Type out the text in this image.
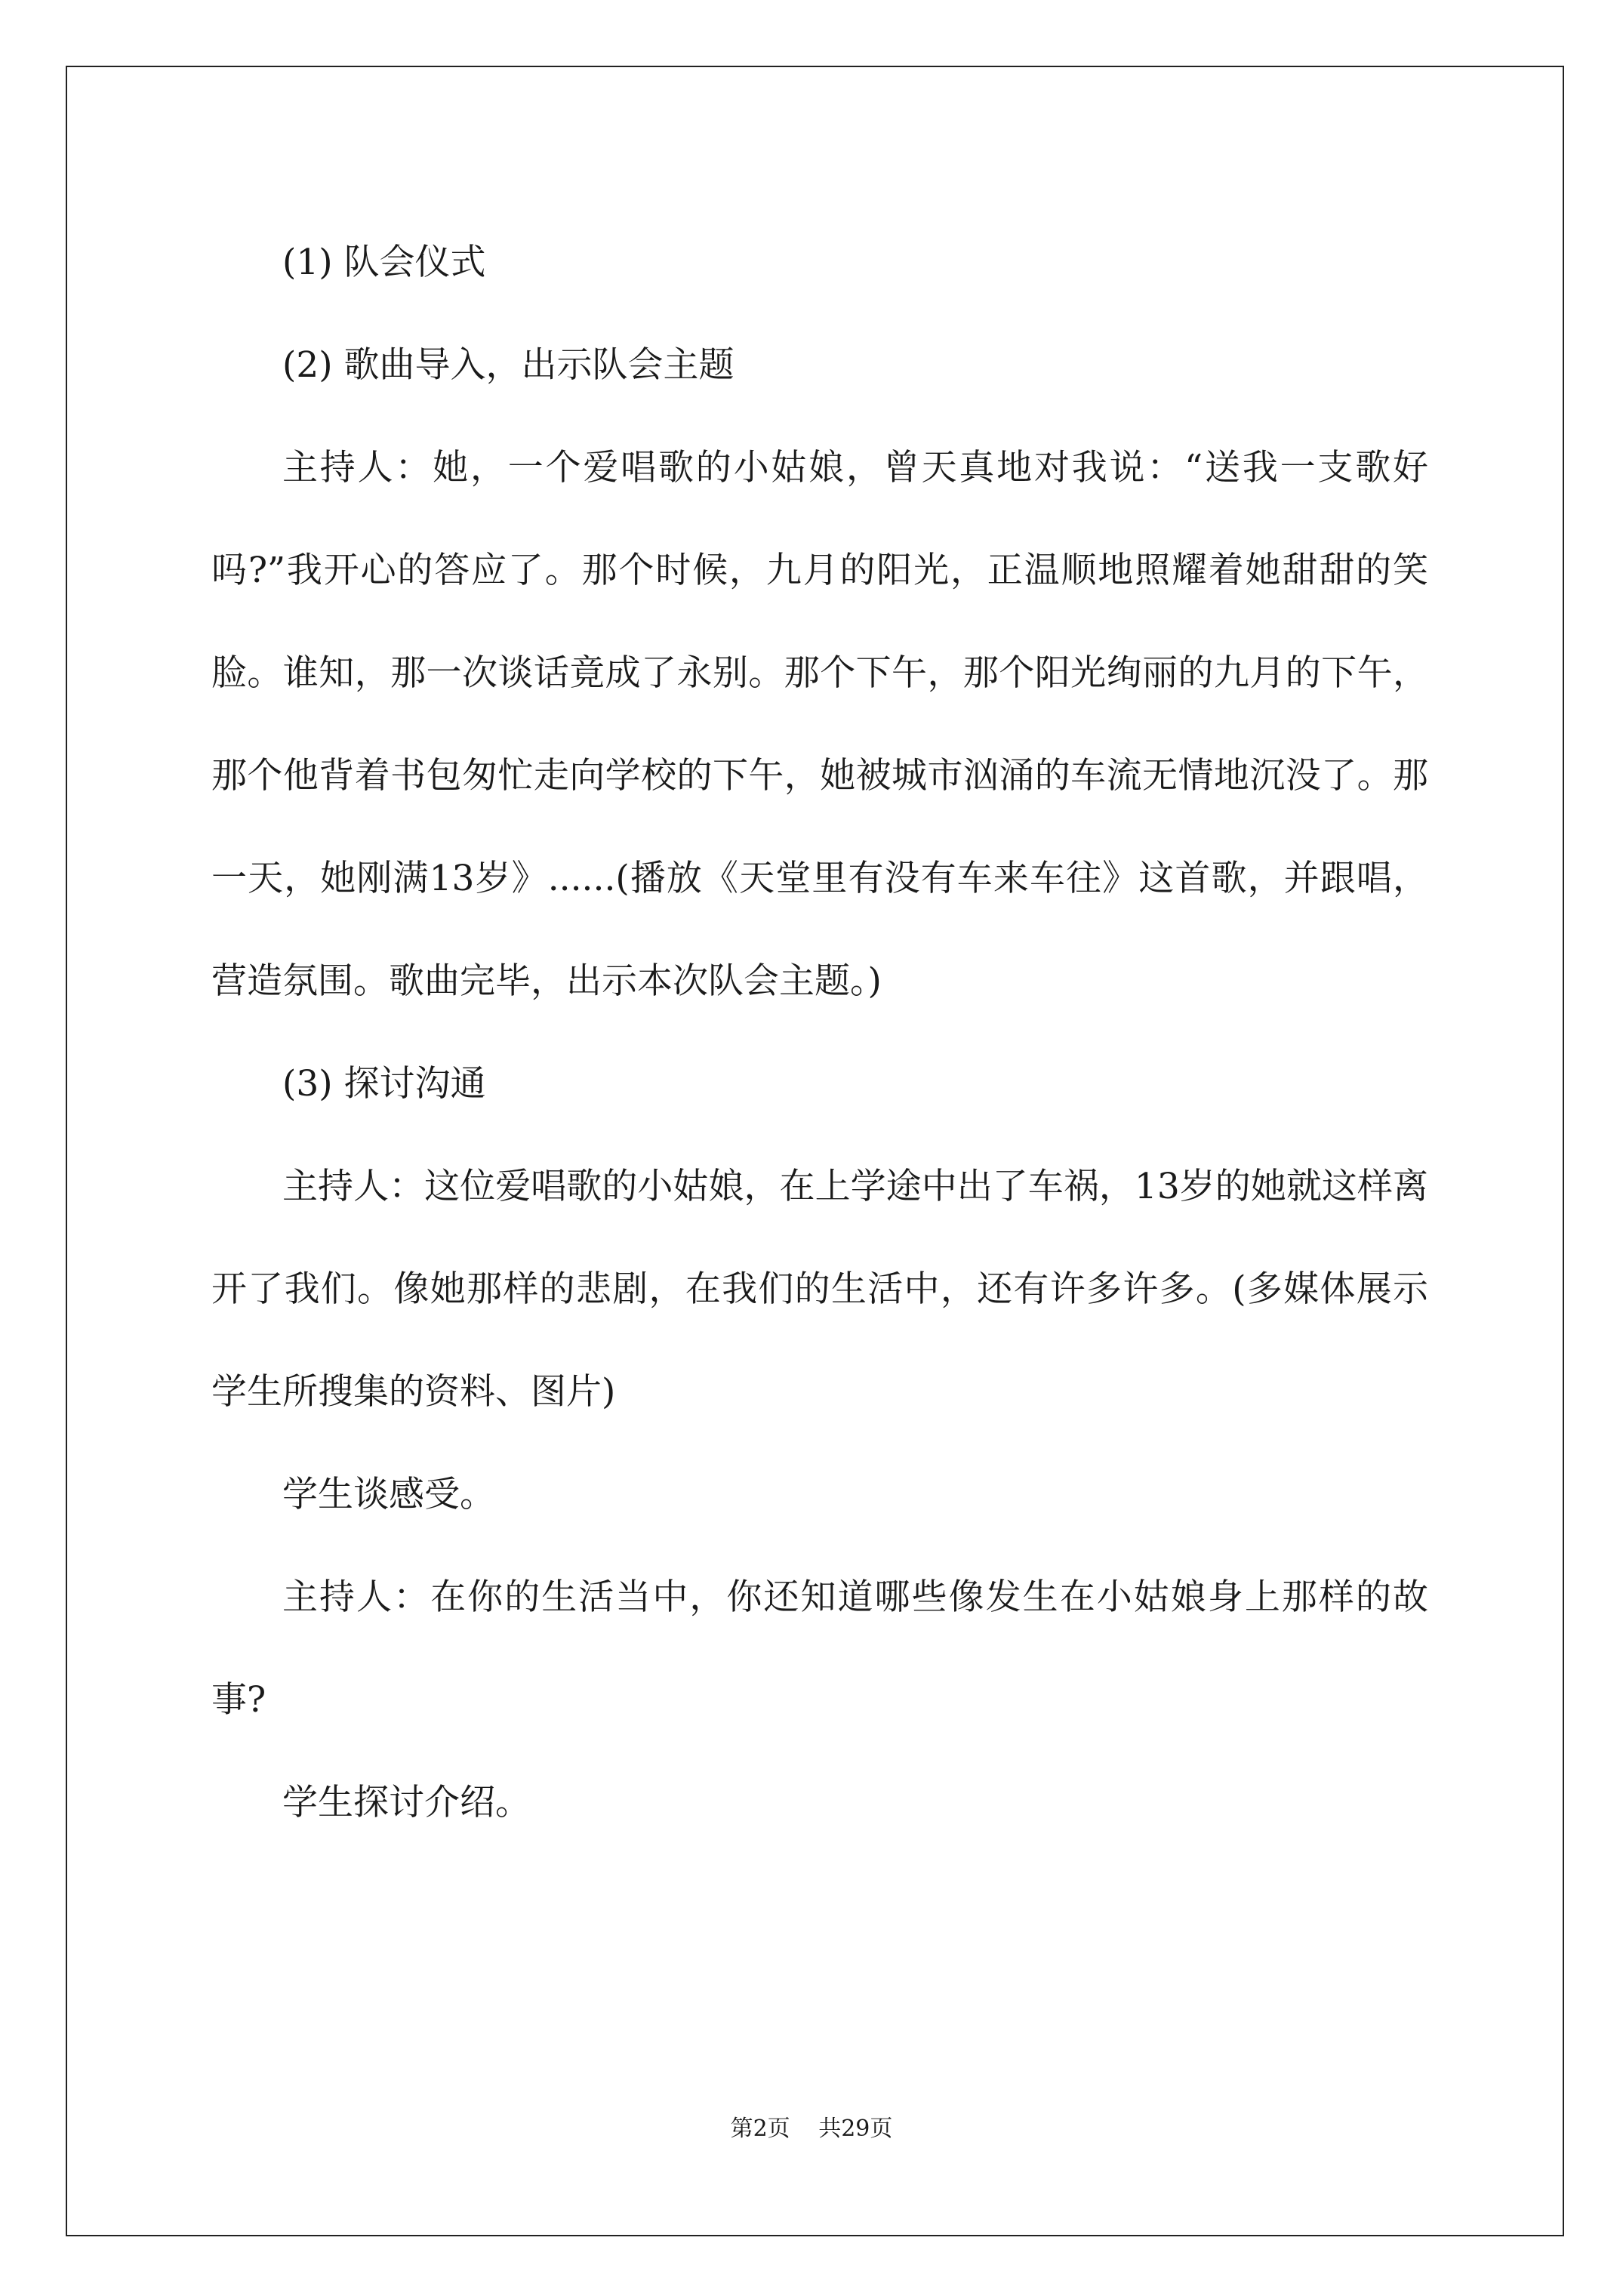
(1) 队会仪式

(2) 歌曲导入，出示队会主题

主持人：她，一个爱唱歌的小姑娘，曾天真地对我说：“送我一支歌好吗?”我开心的答应了。那个时候，九月的阳光，正温顺地照耀着她甜甜的笑脸。谁知，那一次谈话竟成了永别。那个下午，那个阳光绚丽的九月的下午，那个他背着书包匆忙走向学校的下午，她被城市汹涌的车流无情地沉没了。那一天，她刚满13岁》......(播放《天堂里有没有车来车往》这首歌，并跟唱，营造氛围。歌曲完毕，出示本次队会主题。)

(3) 探讨沟通

主持人：这位爱唱歌的小姑娘，在上学途中出了车祸，13岁的她就这样离开了我们。像她那样的悲剧，在我们的生活中，还有许多许多。(多媒体展示学生所搜集的资料、图片)

学生谈感受。

主持人：在你的生活当中，你还知道哪些像发生在小姑娘身上那样的故事?

学生探讨介绍。

第2页 共29页
